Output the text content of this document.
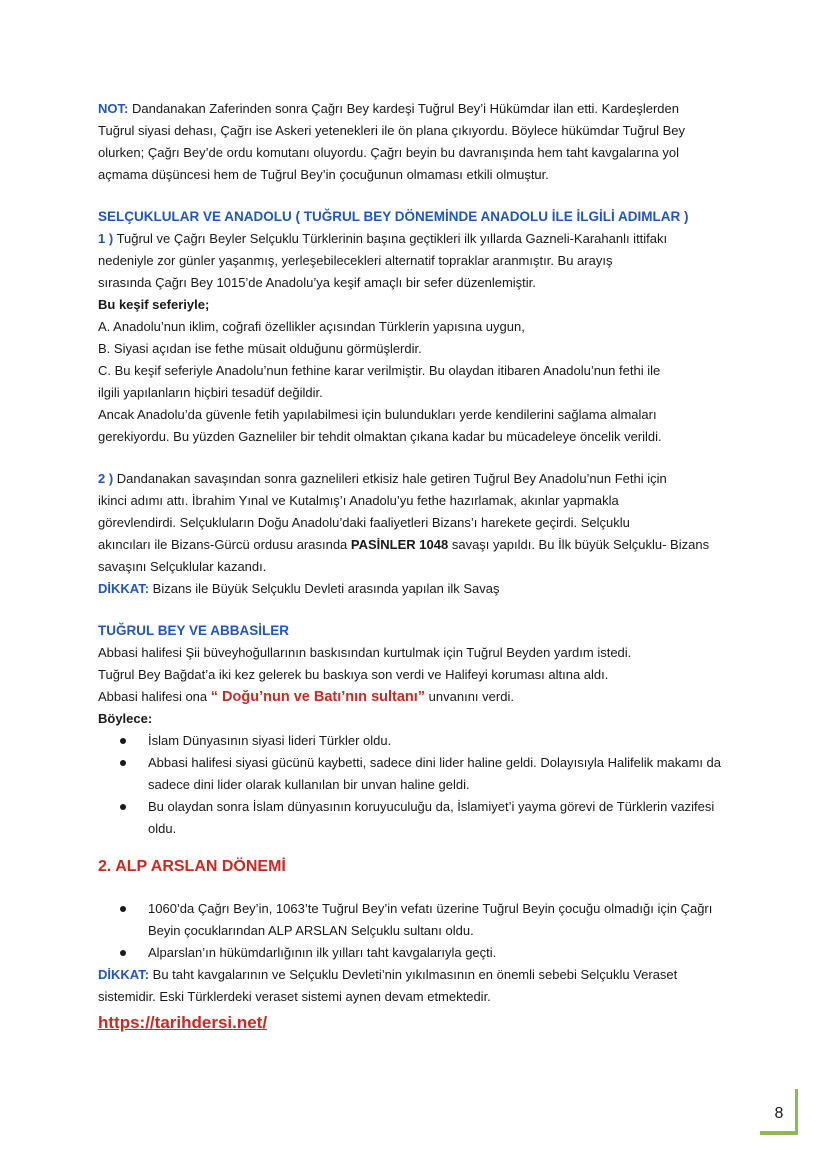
NOT: Dandanakan Zaferinden sonra Çağrı Bey kardeşi Tuğrul Bey’i Hükümdar ilan etti. Kardeşlerden

Tuğrul siyasi dehası, Çağrı ise Askeri yetenekleri ile ön plana çıkıyordu. Böylece hükümdar Tuğrul Bey

olurken; Çağrı Bey’de ordu komutanı oluyordu. Çağrı beyin bu davranışında hem taht kavgalarına yol

açmama düşüncesi hem de Tuğrul Bey’in çocuğunun olmaması etkili olmuştur.

SELÇUKLULAR VE ANADOLU ( TUĞRUL BEY DÖNEMİNDE ANADOLU İLE İLGİLİ ADIMLAR )

1 ) Tuğrul ve Çağrı Beyler Selçuklu Türklerinin başına geçtikleri ilk yıllarda Gazneli-Karahanlı ittifakı

nedeniyle zor günler yaşanmış, yerleşebilecekleri alternatif topraklar aranmıştır. Bu arayış

sırasında Çağrı Bey 1015’de Anadolu’ya keşif amaçlı bir sefer düzenlemiştir.

Bu keşif seferiyle;

A. Anadolu’nun iklim, coğrafi özellikler açısından Türklerin yapısına uygun,

B. Siyasi açıdan ise fethe müsait olduğunu görmüşlerdir.

C. Bu keşif seferiyle Anadolu’nun fethine karar verilmiştir. Bu olaydan itibaren Anadolu’nun fethi ile

ilgili yapılanların hiçbiri tesadüf değildir.

Ancak Anadolu’da güvenle fetih yapılabilmesi için bulundukları yerde kendilerini sağlama almaları

gerekiyordu. Bu yüzden Gazneliler bir tehdit olmaktan çıkana kadar bu mücadeleye öncelik verildi.

2 ) Dandanakan savaşından sonra gaznelileri etkisiz hale getiren Tuğrul Bey Anadolu’nun Fethi için

ikinci adımı attı. İbrahim Yınal ve Kutalmış’ı Anadolu’yu fethe hazırlamak, akınlar yapmakla

görevlendirdi. Selçukluların Doğu Anadolu’daki faaliyetleri Bizans’ı harekete geçirdi. Selçuklu

akıncıları ile Bizans-Gürcü ordusu arasında PASİNLER 1048 savaşı yapıldı. Bu İlk büyük Selçuklu- Bizans

savaşını Selçuklular kazandı.

DİKKAT: Bizans ile Büyük Selçuklu Devleti arasında yapılan ilk Savaş

TUĞRUL BEY VE ABBASİLER

Abbasi halifesi Şii büveyhoğullarının baskısından kurtulmak için Tuğrul Beyden yardım istedi.

Tuğrul Bey Bağdat’a iki kez gelerek bu baskıya son verdi ve Halifeyi koruması altına aldı.

Abbasi halifesi ona “ Doğu’nun ve Batı’nın sultanı” unvanını verdi.

Böylece:

İslam Dünyasının siyasi lideri Türkler oldu.
Abbasi halifesi siyasi gücünü kaybetti, sadece dini lider haline geldi. Dolayısıyla Halifelik makamı da sadece dini lider olarak kullanılan bir unvan haline geldi.
Bu olaydan sonra İslam dünyasının koruyuculuğu da, İslamiyet’i yayma görevi de Türklerin vazifesi oldu.

2. ALP ARSLAN DÖNEMİ

1060’da Çağrı Bey’in, 1063’te Tuğrul Bey’in vefatı üzerine Tuğrul Beyin çocuğu olmadığı için Çağrı Beyin çocuklarından ALP ARSLAN Selçuklu sultanı oldu.
Alparslan’ın hükümdarlığının ilk yılları taht kavgalarıyla geçti.

DİKKAT: Bu taht kavgalarının ve Selçuklu Devleti’nin yıkılmasının en önemli sebebi Selçuklu Veraset

sistemidir. Eski Türklerdeki veraset sistemi aynen devam etmektedir.

https://tarihdersi.net/

8
